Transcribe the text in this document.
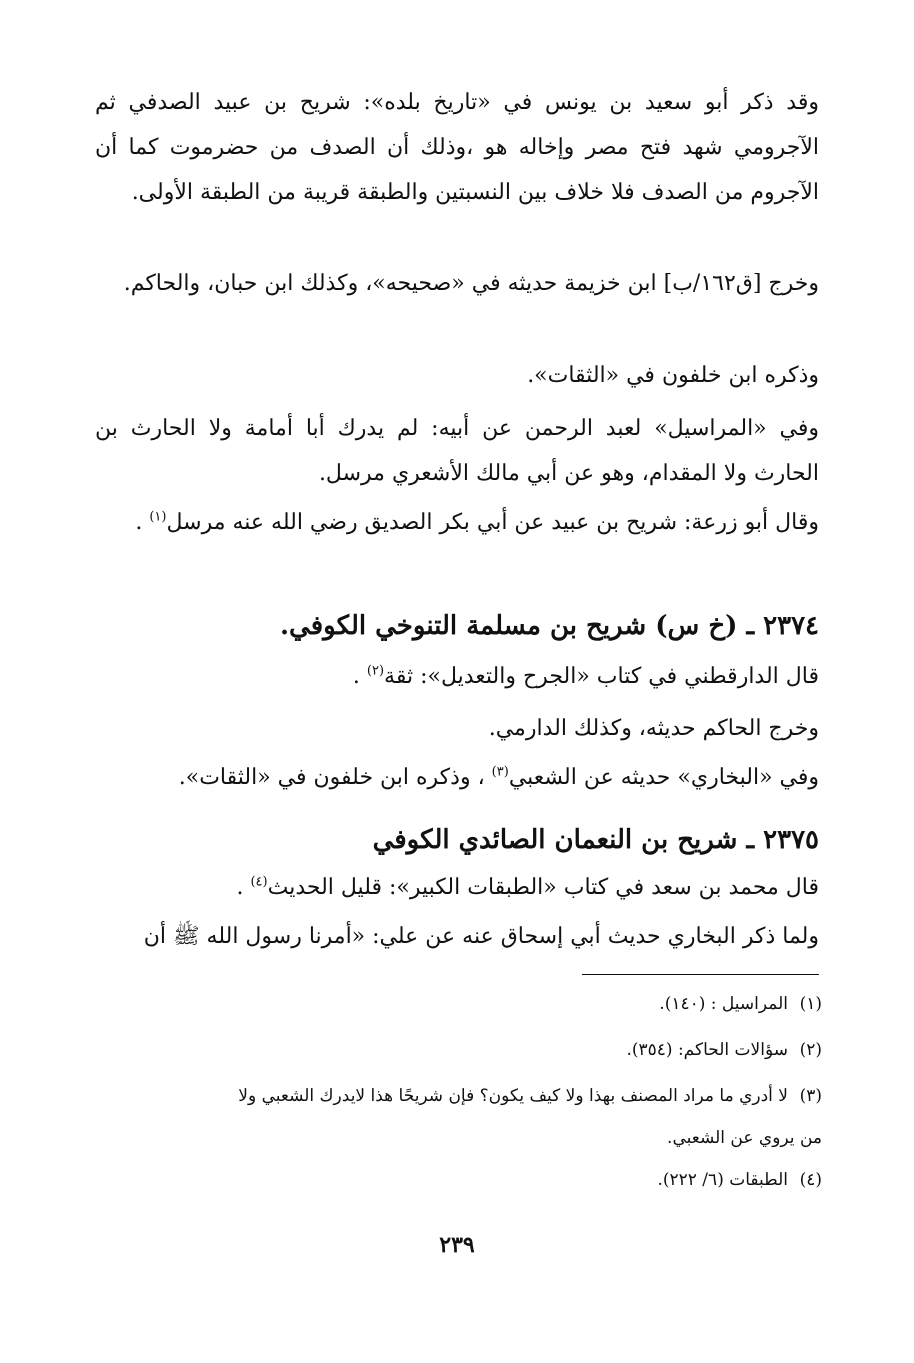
وقد ذكر أبو سعيد بن يونس في «تاريخ بلده»: شريح بن عبيد الصدفي ثم الآجرومي شهد فتح مصر وإخاله هو ،وذلك أن الصدف من حضرموت كما أن الآجروم من الصدف فلا خلاف بين النسبتين والطبقة قريبة من الطبقة الأولى.

وخرج [ق١٦٢/ب] ابن خزيمة حديثه في «صحيحه»، وكذلك ابن حبان، والحاكم.

وذكره ابن خلفون في «الثقات».

وفي «المراسيل» لعبد الرحمن عن أبيه: لم يدرك أبا أمامة ولا الحارث بن الحارث ولا المقدام، وهو عن أبي مالك الأشعري مرسل.

وقال أبو زرعة: شريح بن عبيد عن أبي بكر الصديق رضي الله عنه مرسل$^{(١)}$ .

٢٣٧٤ ـ (خ س) شريح بن مسلمة التنوخي الكوفي.

قال الدارقطني في كتاب «الجرح والتعديل»: ثقة$^{(٢)}$ .

وخرج الحاكم حديثه، وكذلك الدارمي.

وفي «البخاري» حديثه عن الشعبي$^{(٣)}$ ، وذكره ابن خلفون في «الثقات».

٢٣٧٥ ـ شريح بن النعمان الصائدي الكوفي

قال محمد بن سعد في كتاب «الطبقات الكبير»: قليل الحديث$^{(٤)}$ .

ولما ذكر البخاري حديث أبي إسحاق عنه عن علي: «أمرنا رسول الله ﷺ أن

(١)المراسيل : (١٤٠).

(٢)سؤالات الحاكم: (٣٥٤).

(٣)لا أدري ما مراد المصنف بهذا ولا كيف يكون؟ فإن شريحًا هذا لايدرك الشعبي ولا

من يروي عن الشعبي.

(٤)الطبقات (٦/ ٢٢٢).

٢٣٩
